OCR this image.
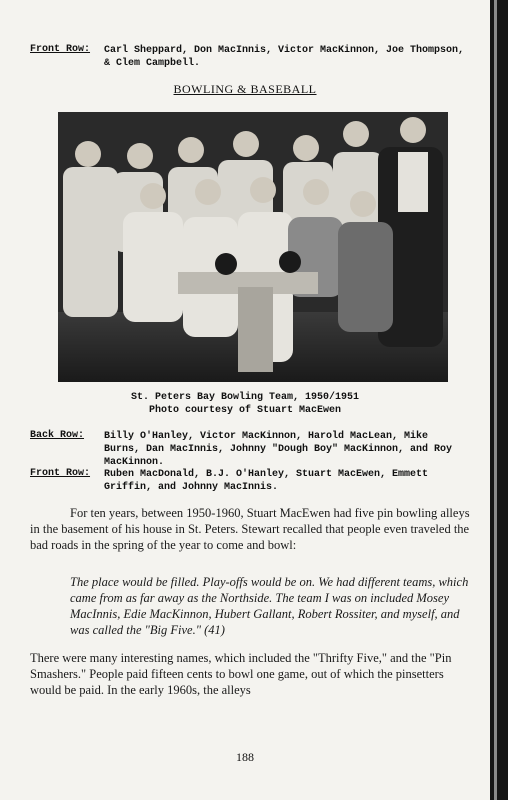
Front Row: Carl Sheppard, Don MacInnis, Victor MacKinnon, Joe Thompson, & Clem Campbell.
BOWLING & BASEBALL
St. Peters Bay Bowling Team, 1950/1951
Photo courtesy of Stuart MacEwen
Back Row: Billy O'Hanley, Victor MacKinnon, Harold MacLean, Mike Burns, Dan MacInnis, Johnny "Dough Boy" MacKinnon, and Roy MacKinnon.
Front Row: Ruben MacDonald, B.J. O'Hanley, Stuart MacEwen, Emmett Griffin, and Johnny MacInnis.
For ten years, between 1950-1960, Stuart MacEwen had five pin bowling alleys in the basement of his house in St. Peters. Stewart recalled that people even traveled the bad roads in the spring of the year to come and bowl:
The place would be filled. Play-offs would be on. We had different teams, which came from as far away as the Northside. The team I was on included Mosey MacInnis, Edie MacKinnon, Hubert Gallant, Robert Rossiter, and myself, and was called the "Big Five." (41)
There were many interesting names, which included the "Thrifty Five," and the "Pin Smashers." People paid fifteen cents to bowl one game, out of which the pinsetters would be paid. In the early 1960s, the alleys
188
